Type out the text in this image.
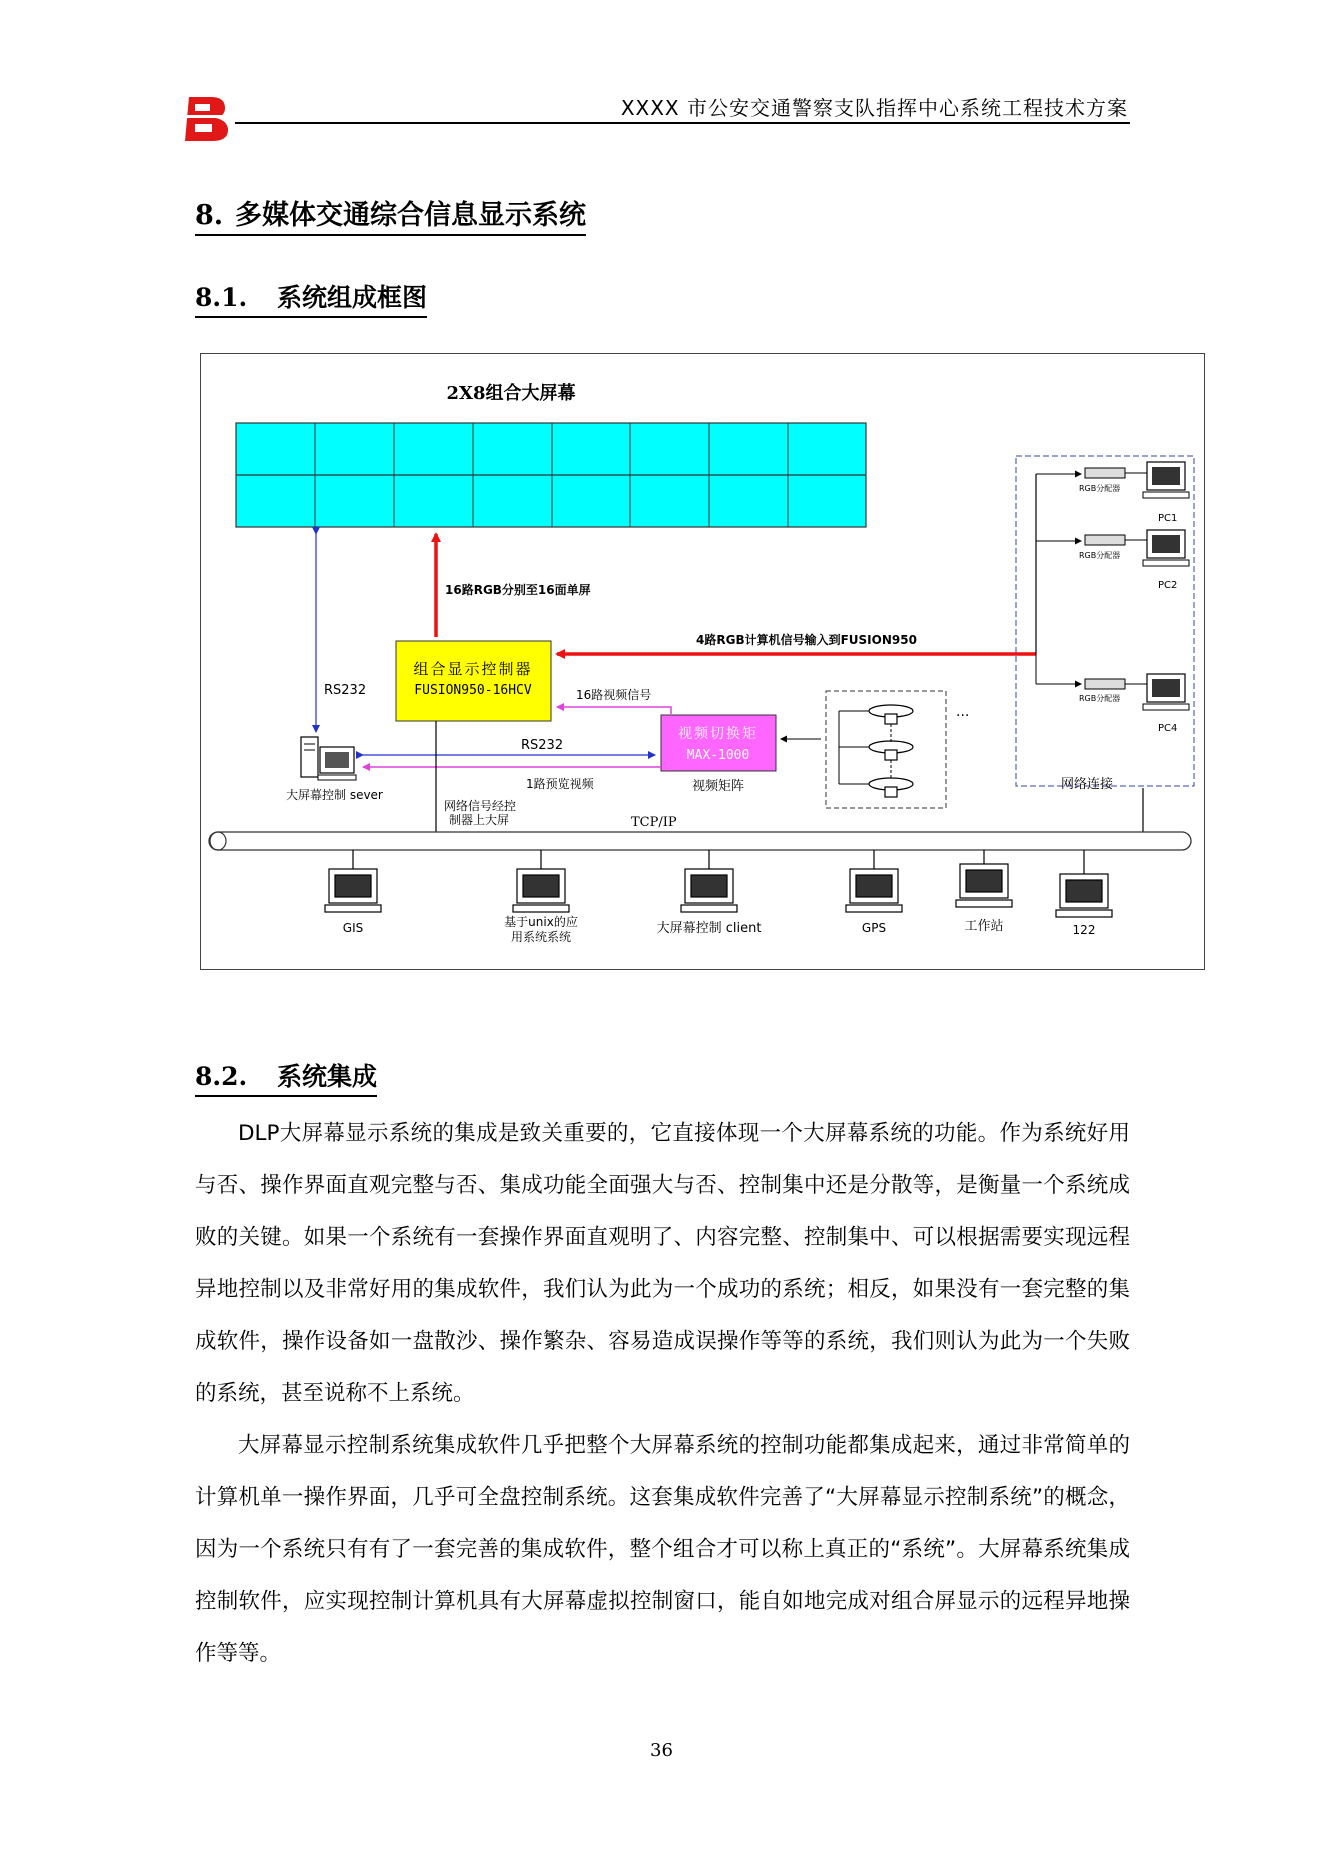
XXXX 市公安交通警察支队指挥中心系统工程技术方案
8. 多媒体交通综合信息显示系统
8.1. 系统组成框图
2X8组合大屏幕
16路RGB分别至16面单屏
RS232
组合显示控制器
FUSION950-16HCV
4路RGB计算机信号输入到FUSION950
16路视频信号
视频切换矩
MAX-1000
视频矩阵
...
大屏幕控制 sever
RS232
1路预览视频
网络信号经控
制器上大屏
RGB分配器
RGB分配器
RGB分配器
PC1
PC2
PC4
网络连接
TCP/IP
GIS	基于unix的应
用系统系统
大屏幕控制 client	GPS	工作站	122
8.2. 系统集成

DLP大屏幕显示系统的集成是致关重要的，它直接体现一个大屏幕系统的功能。作为系统好用与否、操作界面直观完整与否、集成功能全面强大与否、控制集中还是分散等，是衡量一个系统成败的关键。如果一个系统有一套操作界面直观明了、内容完整、控制集中、可以根据需要实现远程异地控制以及非常好用的集成软件，我们认为此为一个成功的系统；相反，如果没有一套完整的集成软件，操作设备如一盘散沙、操作繁杂、容易造成误操作等等的系统，我们则认为此为一个失败的系统，甚至说称不上系统。

大屏幕显示控制系统集成软件几乎把整个大屏幕系统的控制功能都集成起来，通过非常简单的计算机单一操作界面，几乎可全盘控制系统。这套集成软件完善了“大屏幕显示控制系统”的概念，因为一个系统只有有了一套完善的集成软件，整个组合才可以称上真正的“系统”。大屏幕系统集成控制软件，应实现控制计算机具有大屏幕虚拟控制窗口，能自如地完成对组合屏显示的远程异地操作等等。

36
